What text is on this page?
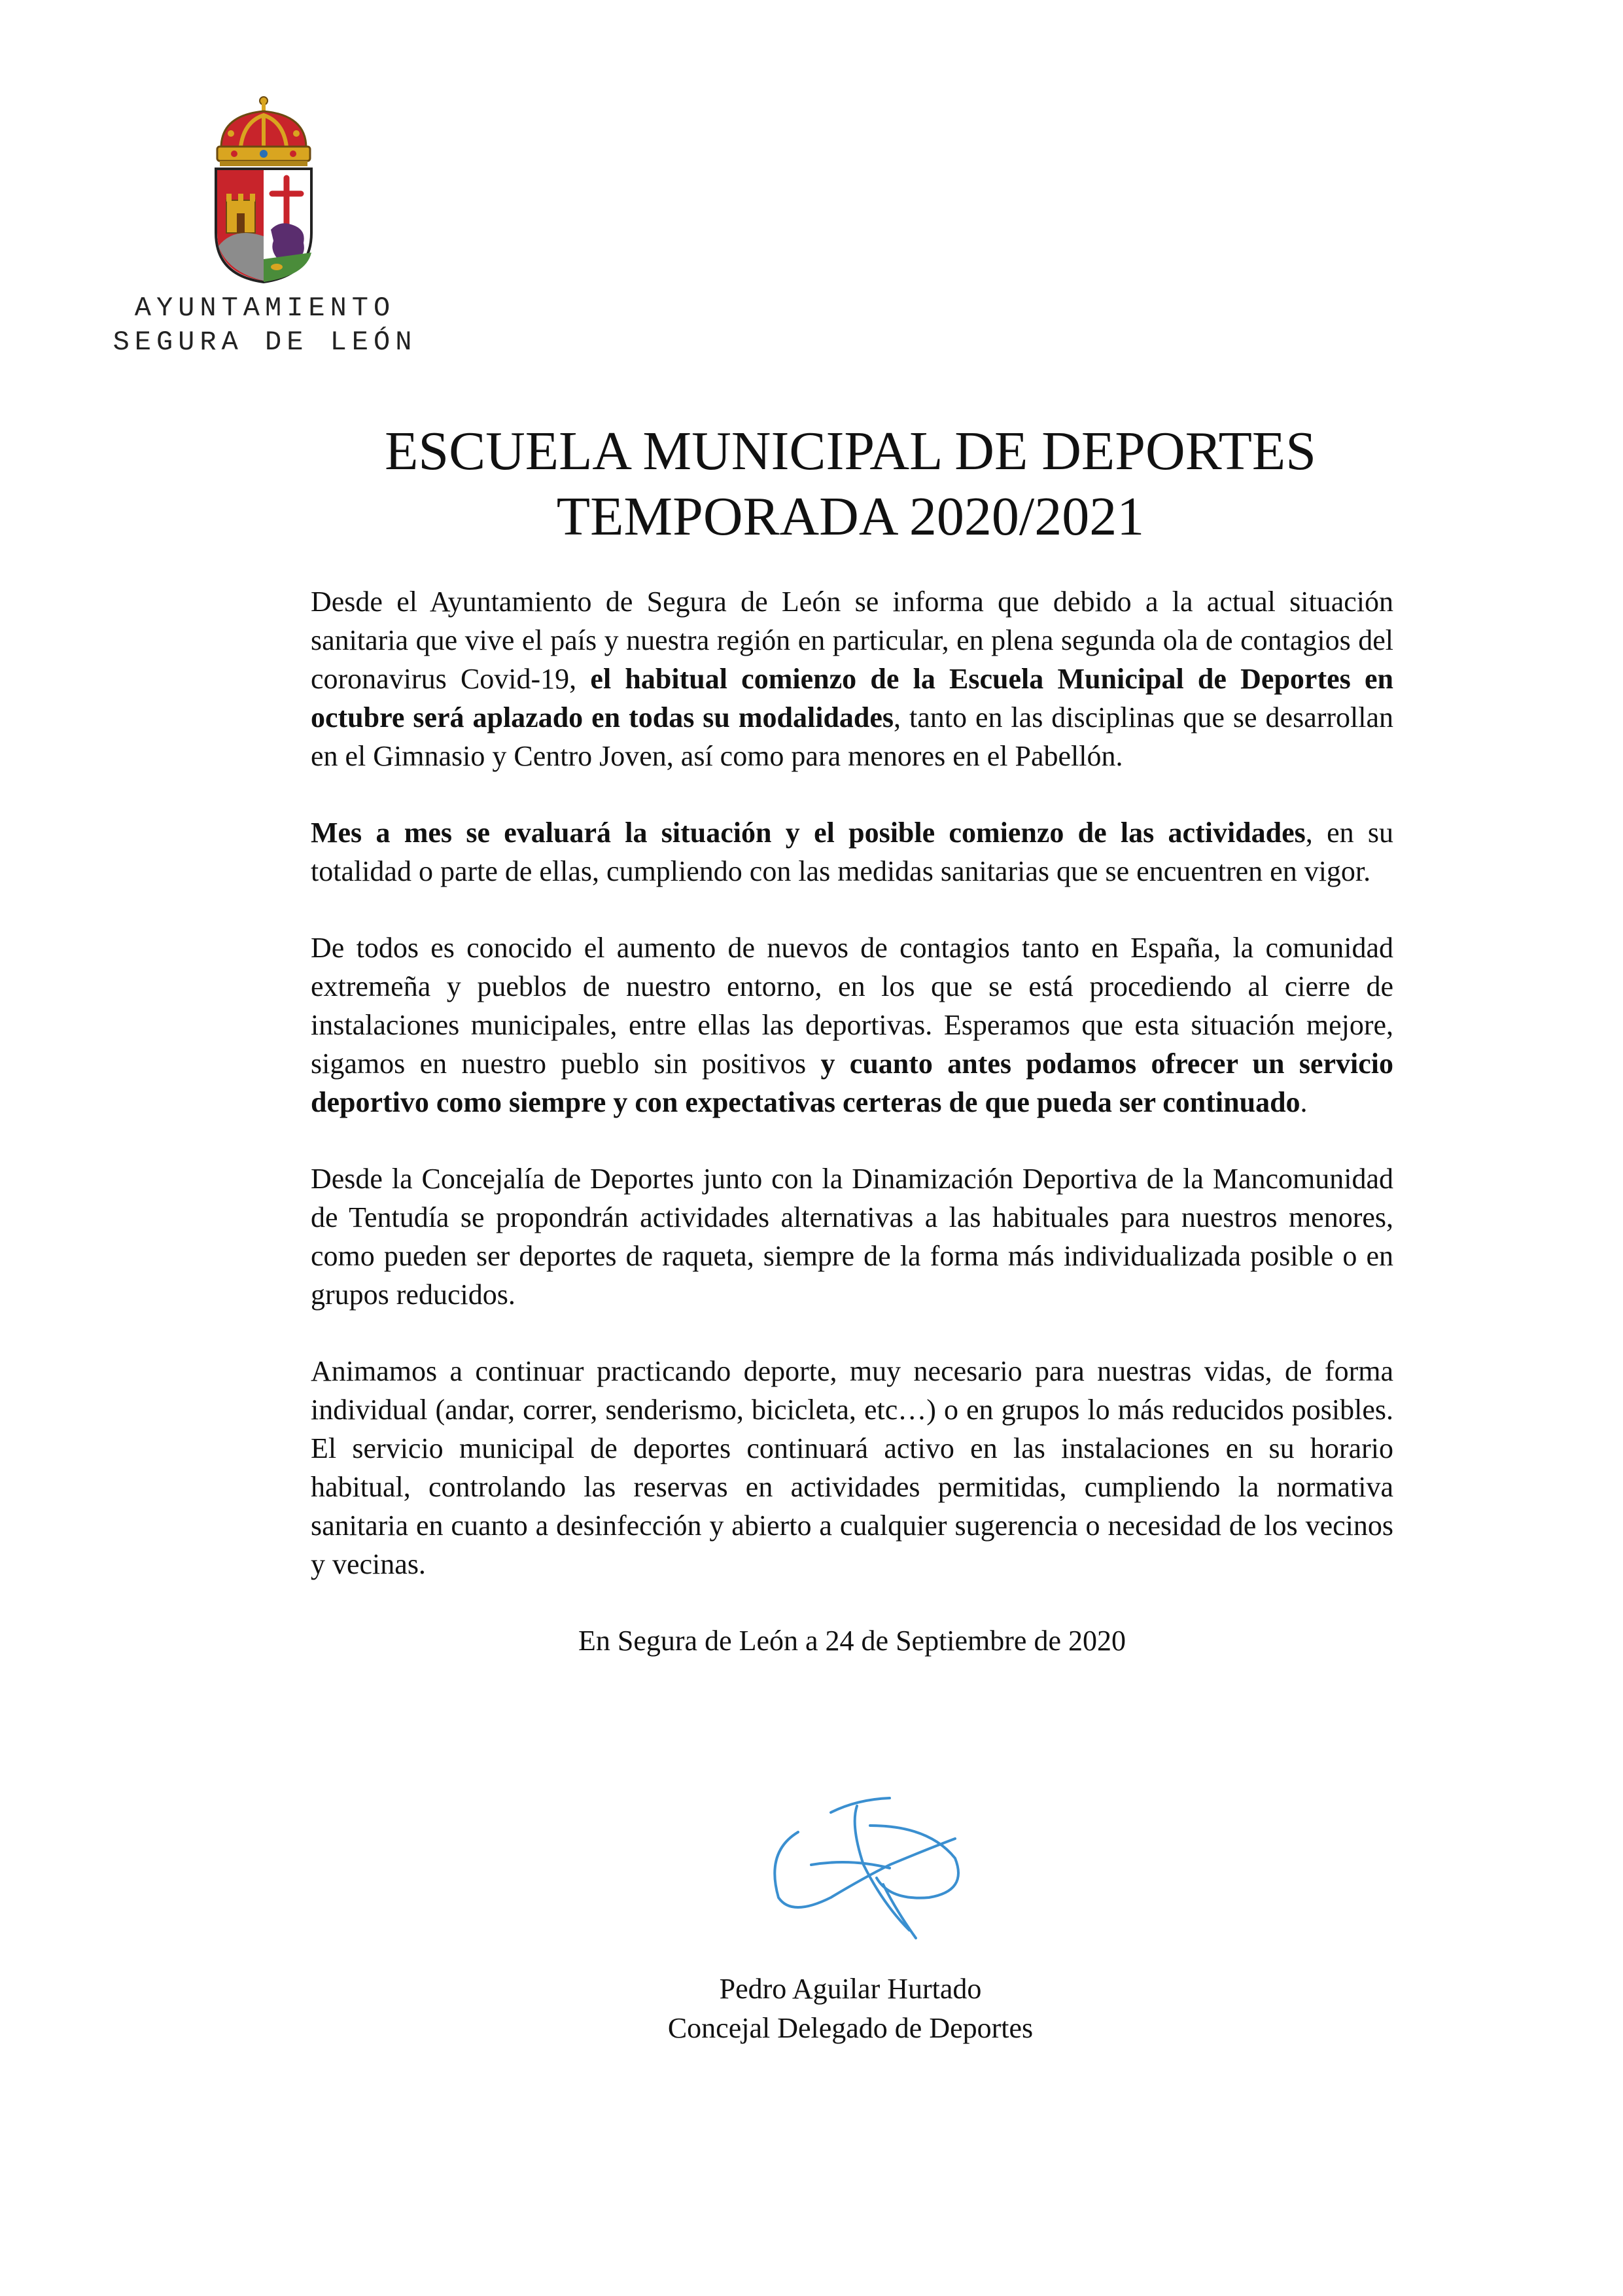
AYUNTAMIENTO
SEGURA DE LEÓN
ESCUELA MUNICIPAL DE DEPORTES
TEMPORADA 2020/2021

Desde el Ayuntamiento de Segura de León se informa que debido a la actual situación sanitaria que vive el país y nuestra región en particular, en plena segunda ola de contagios del coronavirus Covid-19, el habitual comienzo de la Escuela Municipal de Deportes en octubre será aplazado en todas su modalidades, tanto en las disciplinas que se desarrollan en el Gimnasio y Centro Joven, así como para menores en el Pabellón.

Mes a mes se evaluará la situación y el posible comienzo de las actividades, en su totalidad o parte de ellas, cumpliendo con las medidas sanitarias que se encuentren en vigor.

De todos es conocido el aumento de nuevos de contagios tanto en España, la comunidad extremeña y pueblos de nuestro entorno, en los que se está procediendo al cierre de instalaciones municipales, entre ellas las deportivas. Esperamos que esta situación mejore, sigamos en nuestro pueblo sin positivos y cuanto antes podamos ofrecer un servicio deportivo como siempre y con expectativas certeras de que pueda ser continuado.

Desde la Concejalía de Deportes junto con la Dinamización Deportiva de la Mancomunidad de Tentudía se propondrán actividades alternativas a las habituales para nuestros menores, como pueden ser deportes de raqueta, siempre de la forma más individualizada posible o en grupos reducidos.

Animamos a continuar practicando deporte, muy necesario para nuestras vidas, de forma individual (andar, correr, senderismo, bicicleta, etc…) o en grupos lo más reducidos posibles. El servicio municipal de deportes continuará activo en las instalaciones en su horario habitual, controlando las reservas en actividades permitidas, cumpliendo la normativa sanitaria en cuanto a desinfección y abierto a cualquier sugerencia o necesidad de los vecinos y vecinas.

En Segura de León a 24 de Septiembre de 2020

Pedro Aguilar Hurtado
Concejal Delegado de Deportes
